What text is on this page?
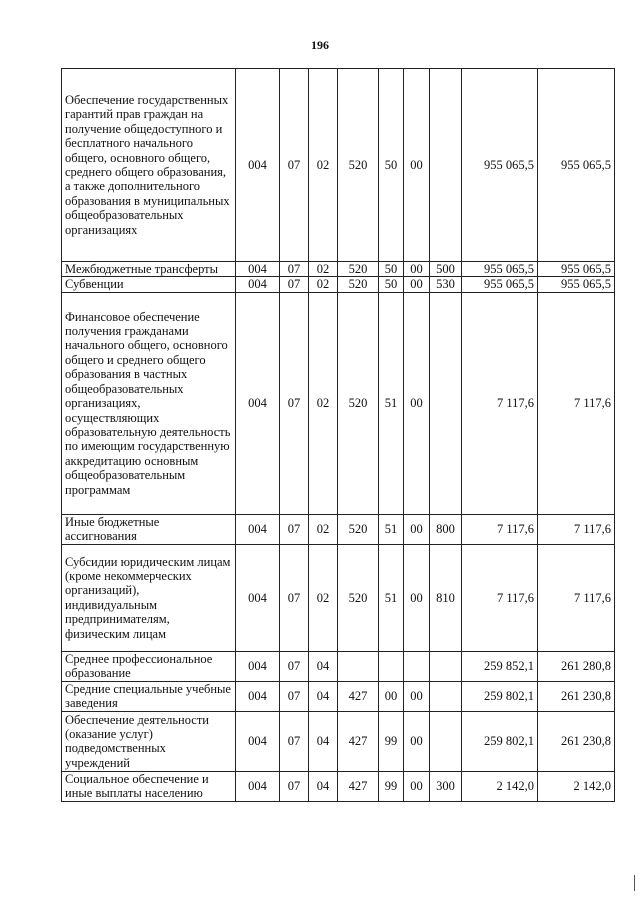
196
Обеспечение государственных гарантий прав граждан на получение общедоступного и бесплатного начального общего, основного общего, среднего общего образования, а также дополнительного образования в муниципальных общеобразовательных организациях	004	07	02	520	50	00		955 065,5	955 065,5
Межбюджетные трансферты	004	07	02	520	50	00	500	955 065,5	955 065,5
Субвенции	004	07	02	520	50	00	530	955 065,5	955 065,5
Финансовое обеспечение получения гражданами начального общего, основного общего и среднего общего образования в частных общеобразовательных организациях, осуществляющих образовательную деятельность по имеющим государственную аккредитацию основным общеобразовательным программам	004	07	02	520	51	00		7 117,6	7 117,6
Иные бюджетные ассигнования	004	07	02	520	51	00	800	7 117,6	7 117,6
Субсидии юридическим лицам (кроме некоммерческих организаций), индивидуальным предпринимателям, физическим лицам	004	07	02	520	51	00	810	7 117,6	7 117,6
Среднее профессиональное образование	004	07	04					259 852,1	261 280,8
Средние специальные учебные заведения	004	07	04	427	00	00		259 802,1	261 230,8
Обеспечение деятельности (оказание услуг) подведомственных учреждений	004	07	04	427	99	00		259 802,1	261 230,8
Социальное обеспечение и иные выплаты населению	004	07	04	427	99	00	300	2 142,0	2 142,0
